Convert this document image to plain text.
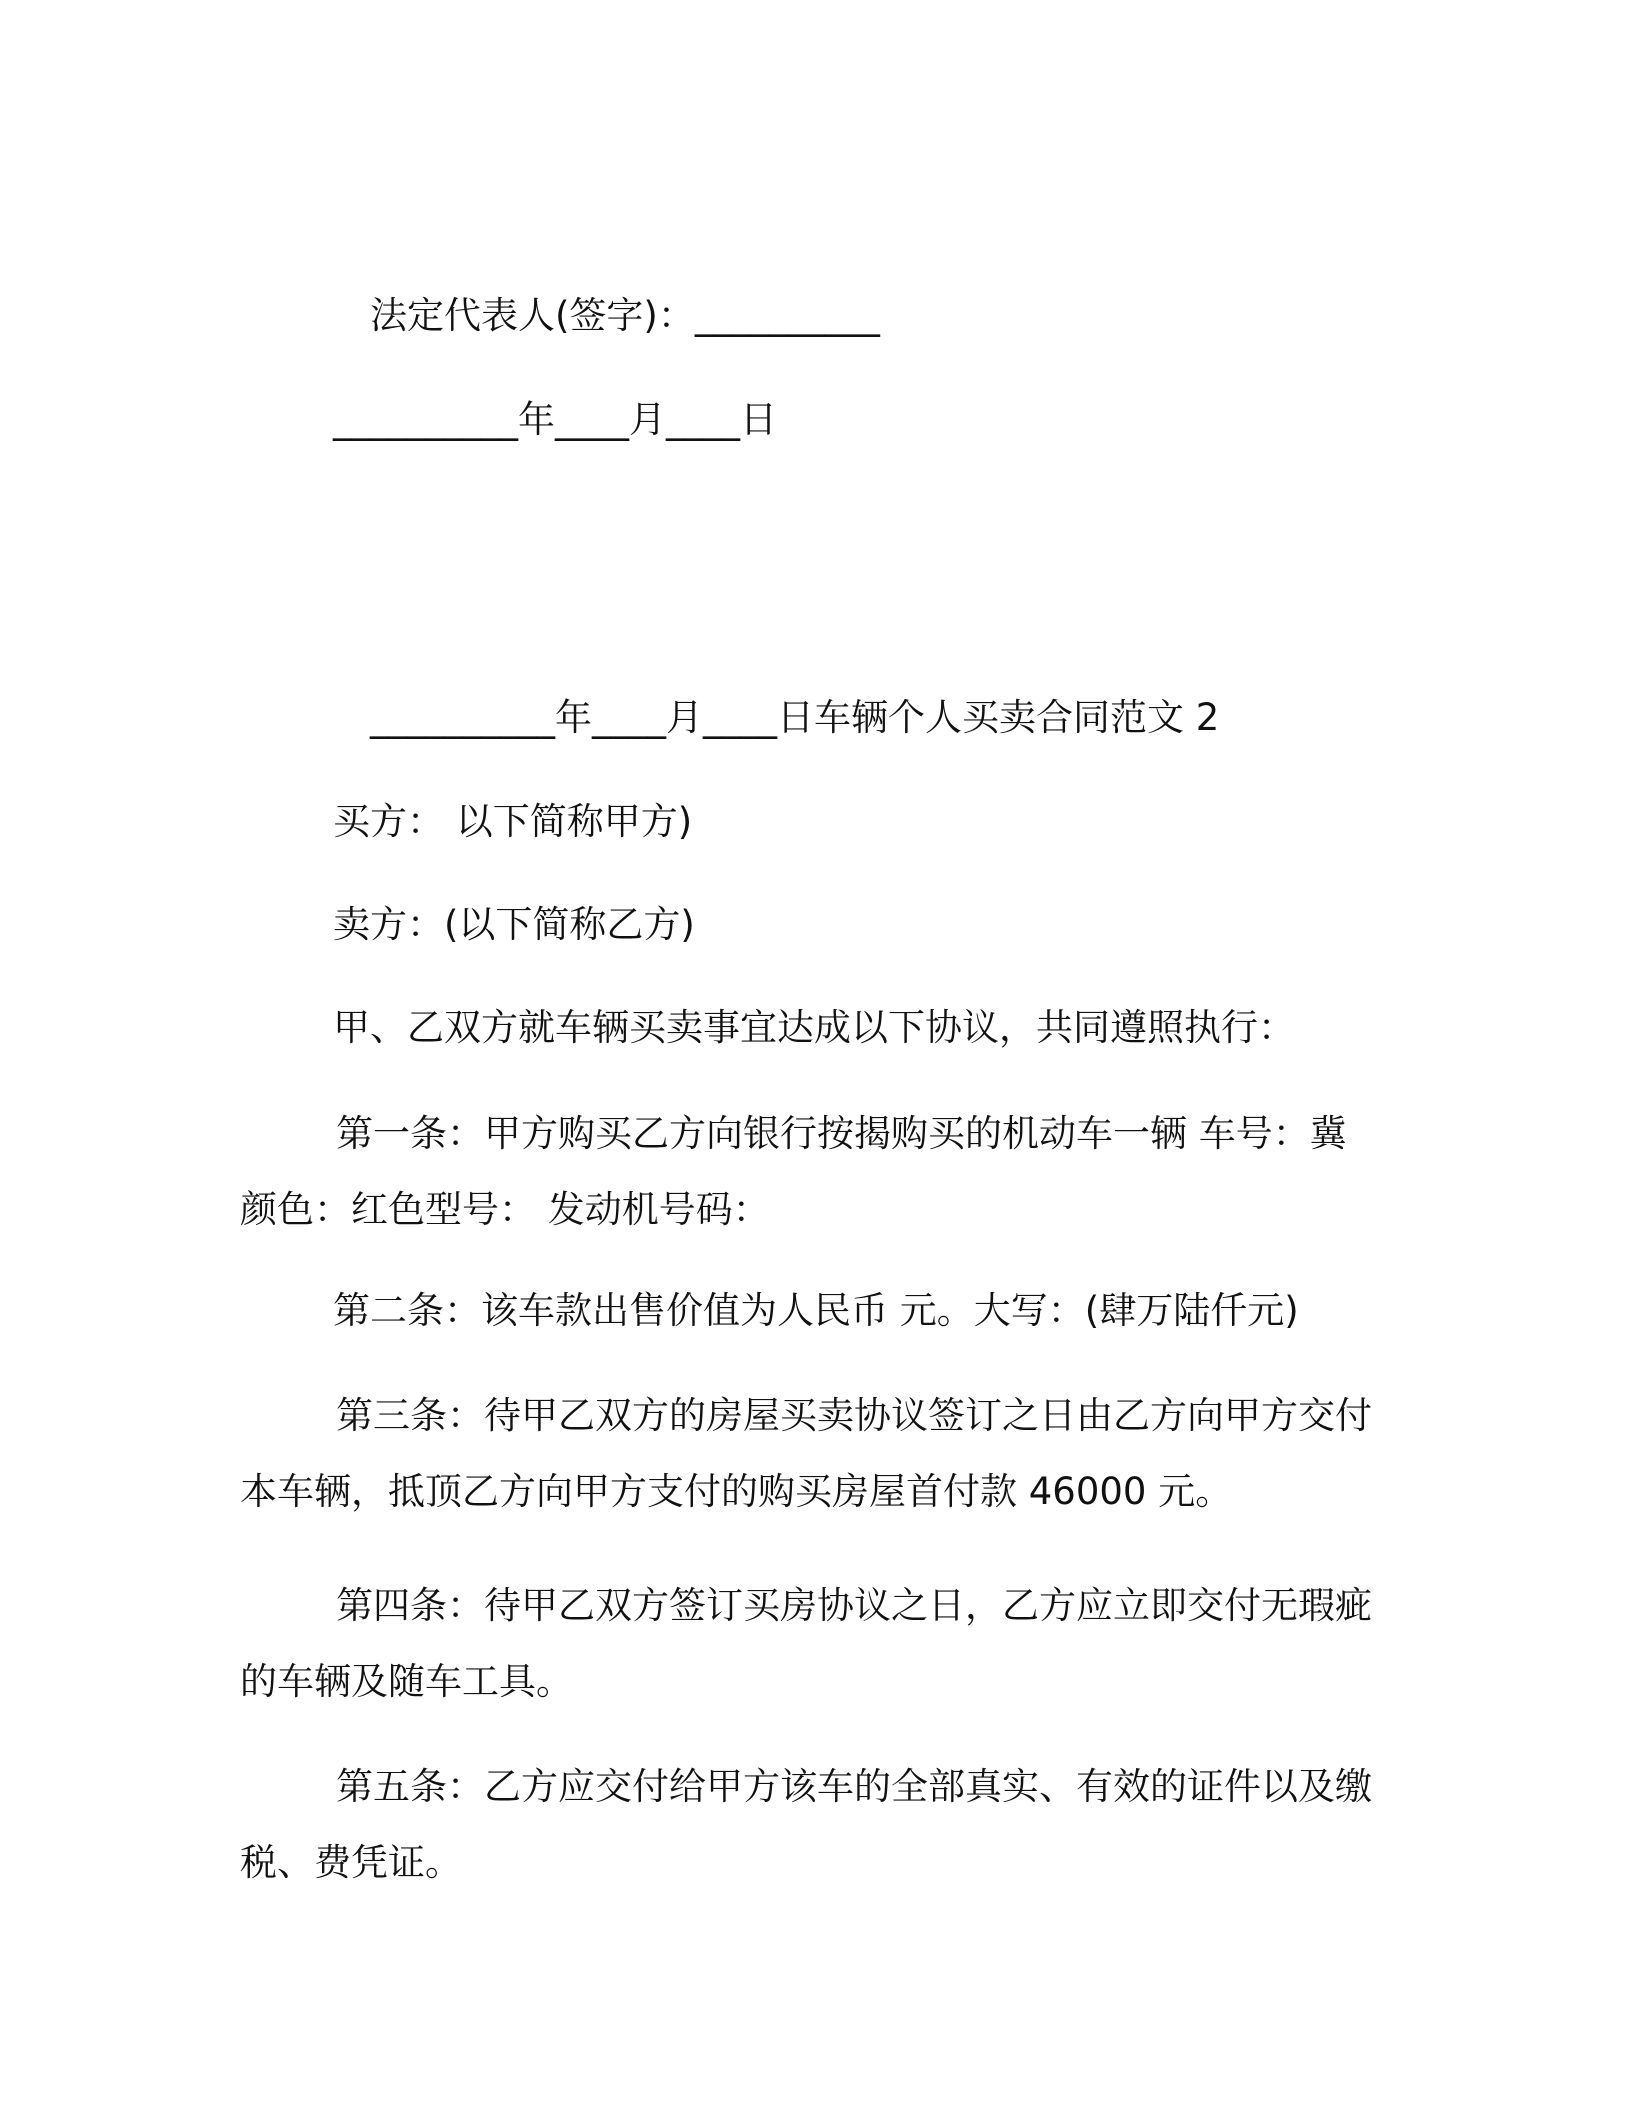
法定代表人(签字)：__________
__________年____月____日
__________年____月____日车辆个人买卖合同范文 2
买方： 以下简称甲方)
卖方：(以下简称乙方)
甲、乙双方就车辆买卖事宜达成以下协议，共同遵照执行：
第一条：甲方购买乙方向银行按揭购买的机动车一辆 车号：冀颜色：红色型号： 发动机号码：
第二条：该车款出售价值为人民币 元。大写：(肆万陆仟元)
第三条：待甲乙双方的房屋买卖协议签订之日由乙方向甲方交付本车辆，抵顶乙方向甲方支付的购买房屋首付款 46000 元。
第四条：待甲乙双方签订买房协议之日，乙方应立即交付无瑕疵的车辆及随车工具。
第五条：乙方应交付给甲方该车的全部真实、有效的证件以及缴税、费凭证。
